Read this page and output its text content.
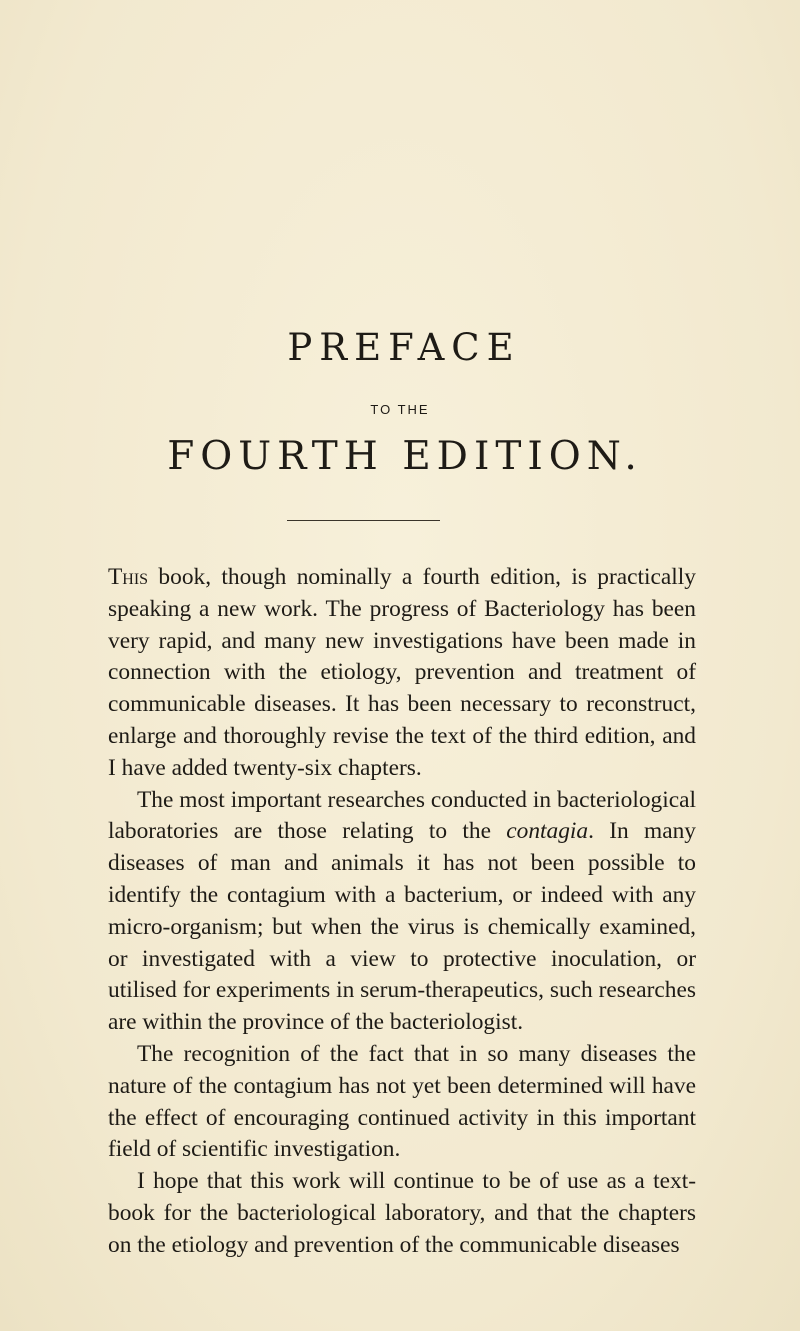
PREFACE
TO THE
FOURTH EDITION.

This book, though nominally a fourth edition, is practically speaking a new work. The progress of Bacteriology has been very rapid, and many new investigations have been made in connection with the etiology, prevention and treatment of communicable diseases. It has been necessary to reconstruct, enlarge and thoroughly revise the text of the third edition, and I have added twenty-six chapters.

The most important researches conducted in bacteriological laboratories are those relating to the contagia. In many diseases of man and animals it has not been possible to identify the contagium with a bacterium, or indeed with any micro-organism; but when the virus is chemically examined, or investigated with a view to protective inoculation, or utilised for experiments in serum-therapeutics, such researches are within the province of the bacteriologist.

The recognition of the fact that in so many diseases the nature of the contagium has not yet been determined will have the effect of encouraging continued activity in this important field of scientific investigation.

I hope that this work will continue to be of use as a text-book for the bacteriological laboratory, and that the chapters on the etiology and prevention of the communicable diseases
